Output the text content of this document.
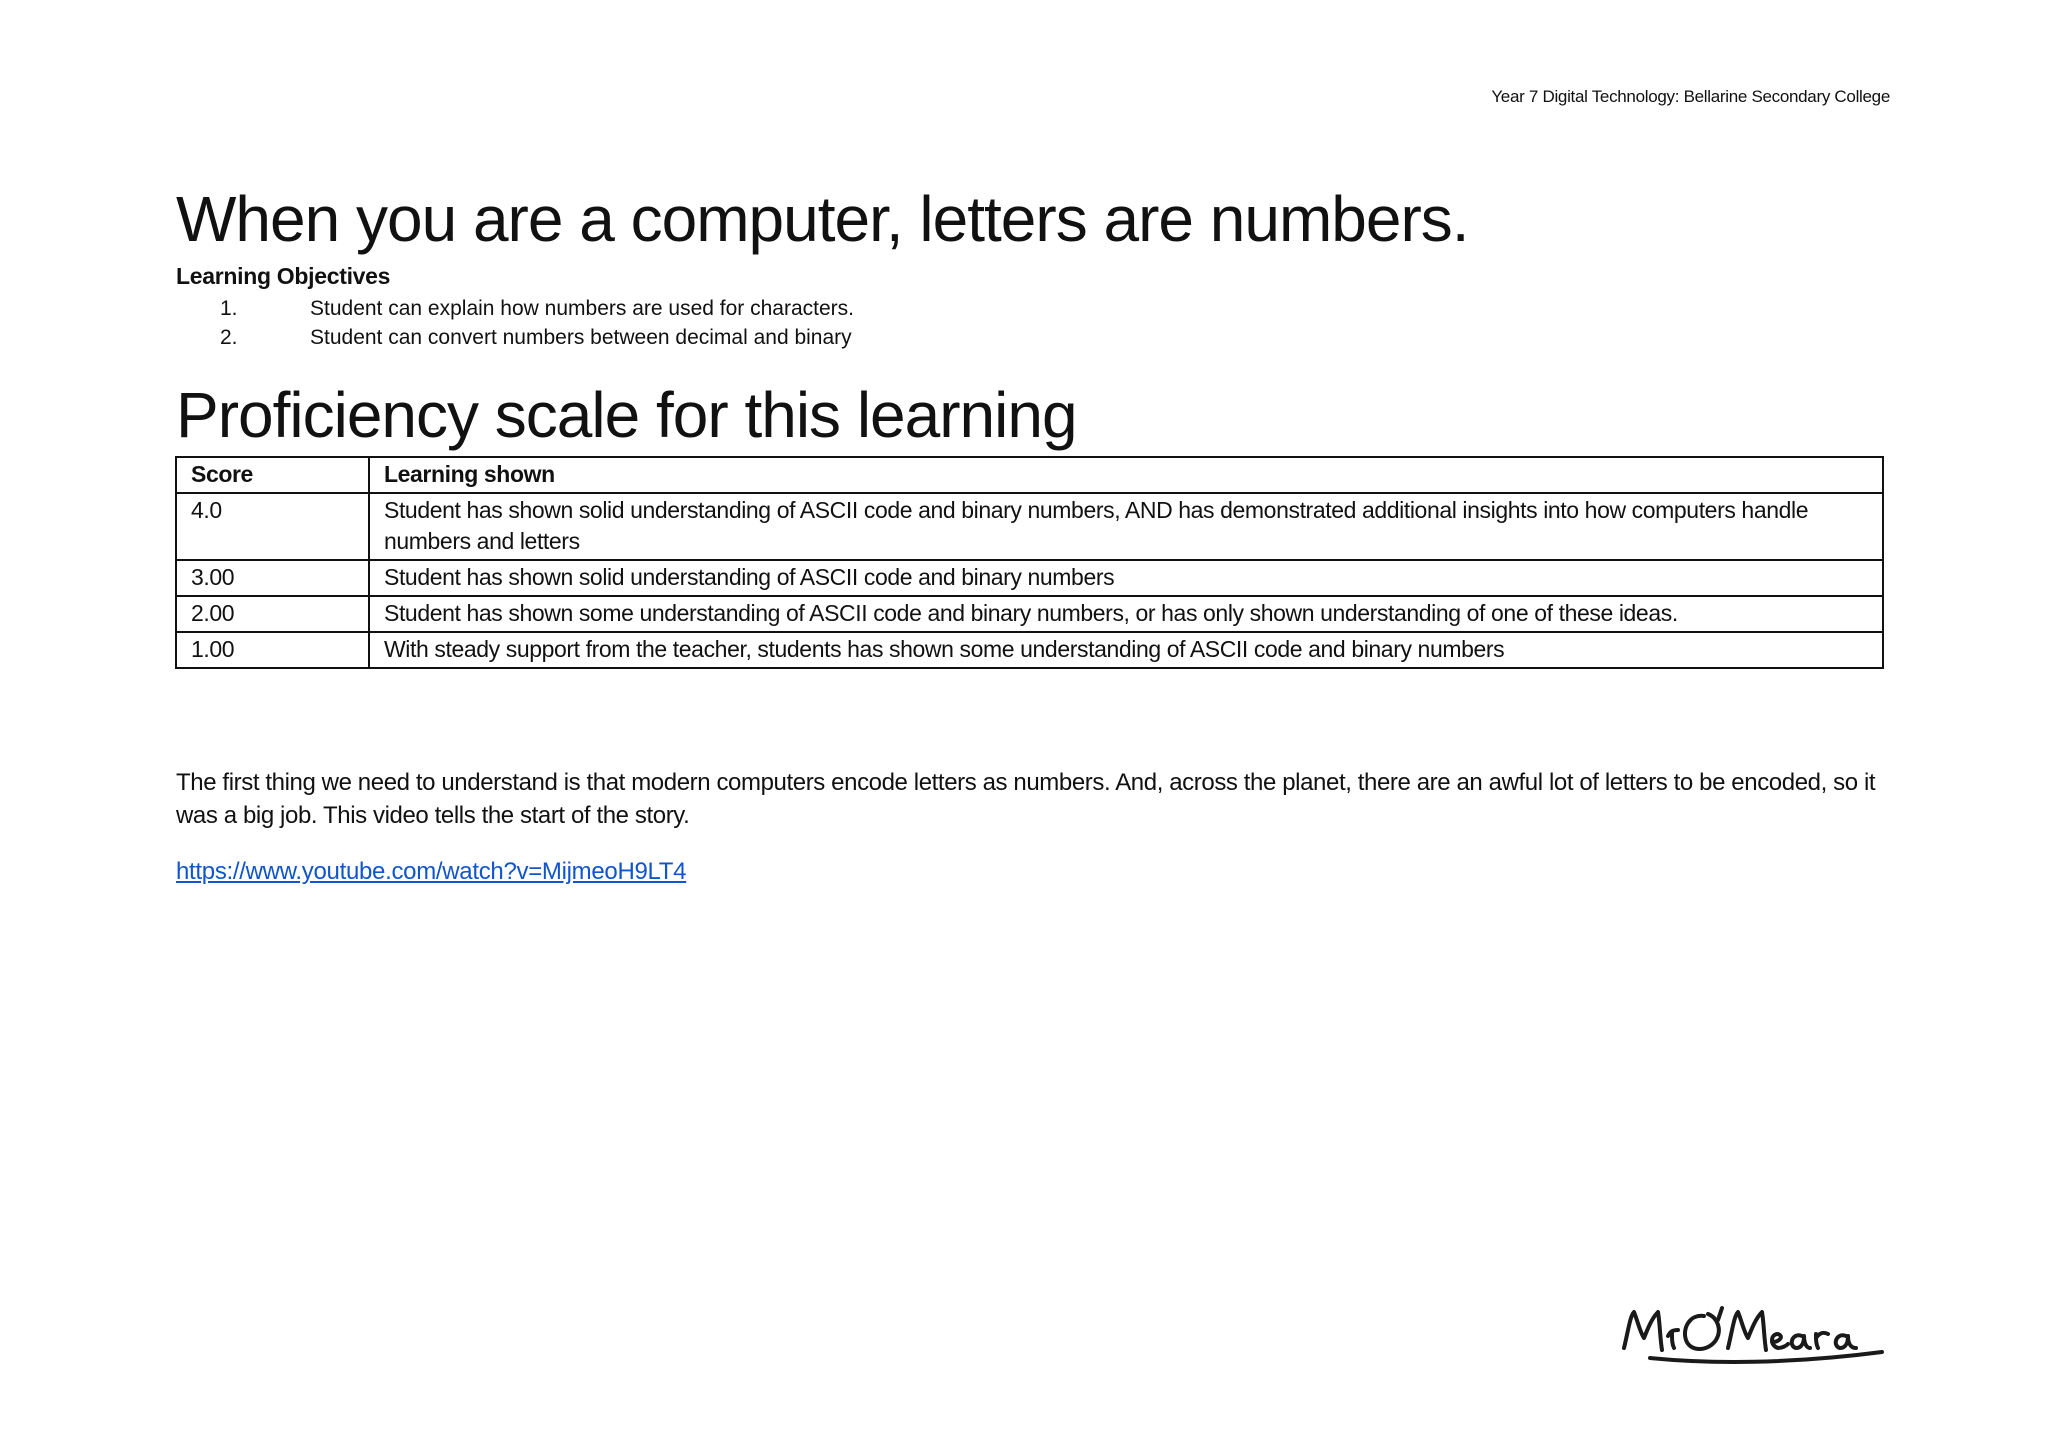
Year 7 Digital Technology: Bellarine Secondary College
When you are a computer, letters are numbers.
Learning Objectives
1.	Student can explain how numbers are used for characters.
2.	Student can convert numbers between decimal and binary
Proficiency scale for this learning
Score	Learning shown
4.0	Student has shown solid understanding of ASCII code and binary numbers, AND has demonstrated additional insights into how computers handle numbers and letters
3.00	Student has shown solid understanding of ASCII code and binary numbers
2.00	Student has shown some understanding of ASCII code and binary numbers, or has only shown understanding of one of these ideas.
1.00	With steady support from the teacher, students has shown some understanding of ASCII code and binary numbers

The first thing we need to understand is that modern computers encode letters as numbers. And, across the planet, there are an awful lot of letters to be encoded, so it was a big job. This video tells the start of the story.

https://www.youtube.com/watch?v=MijmeoH9LT4
